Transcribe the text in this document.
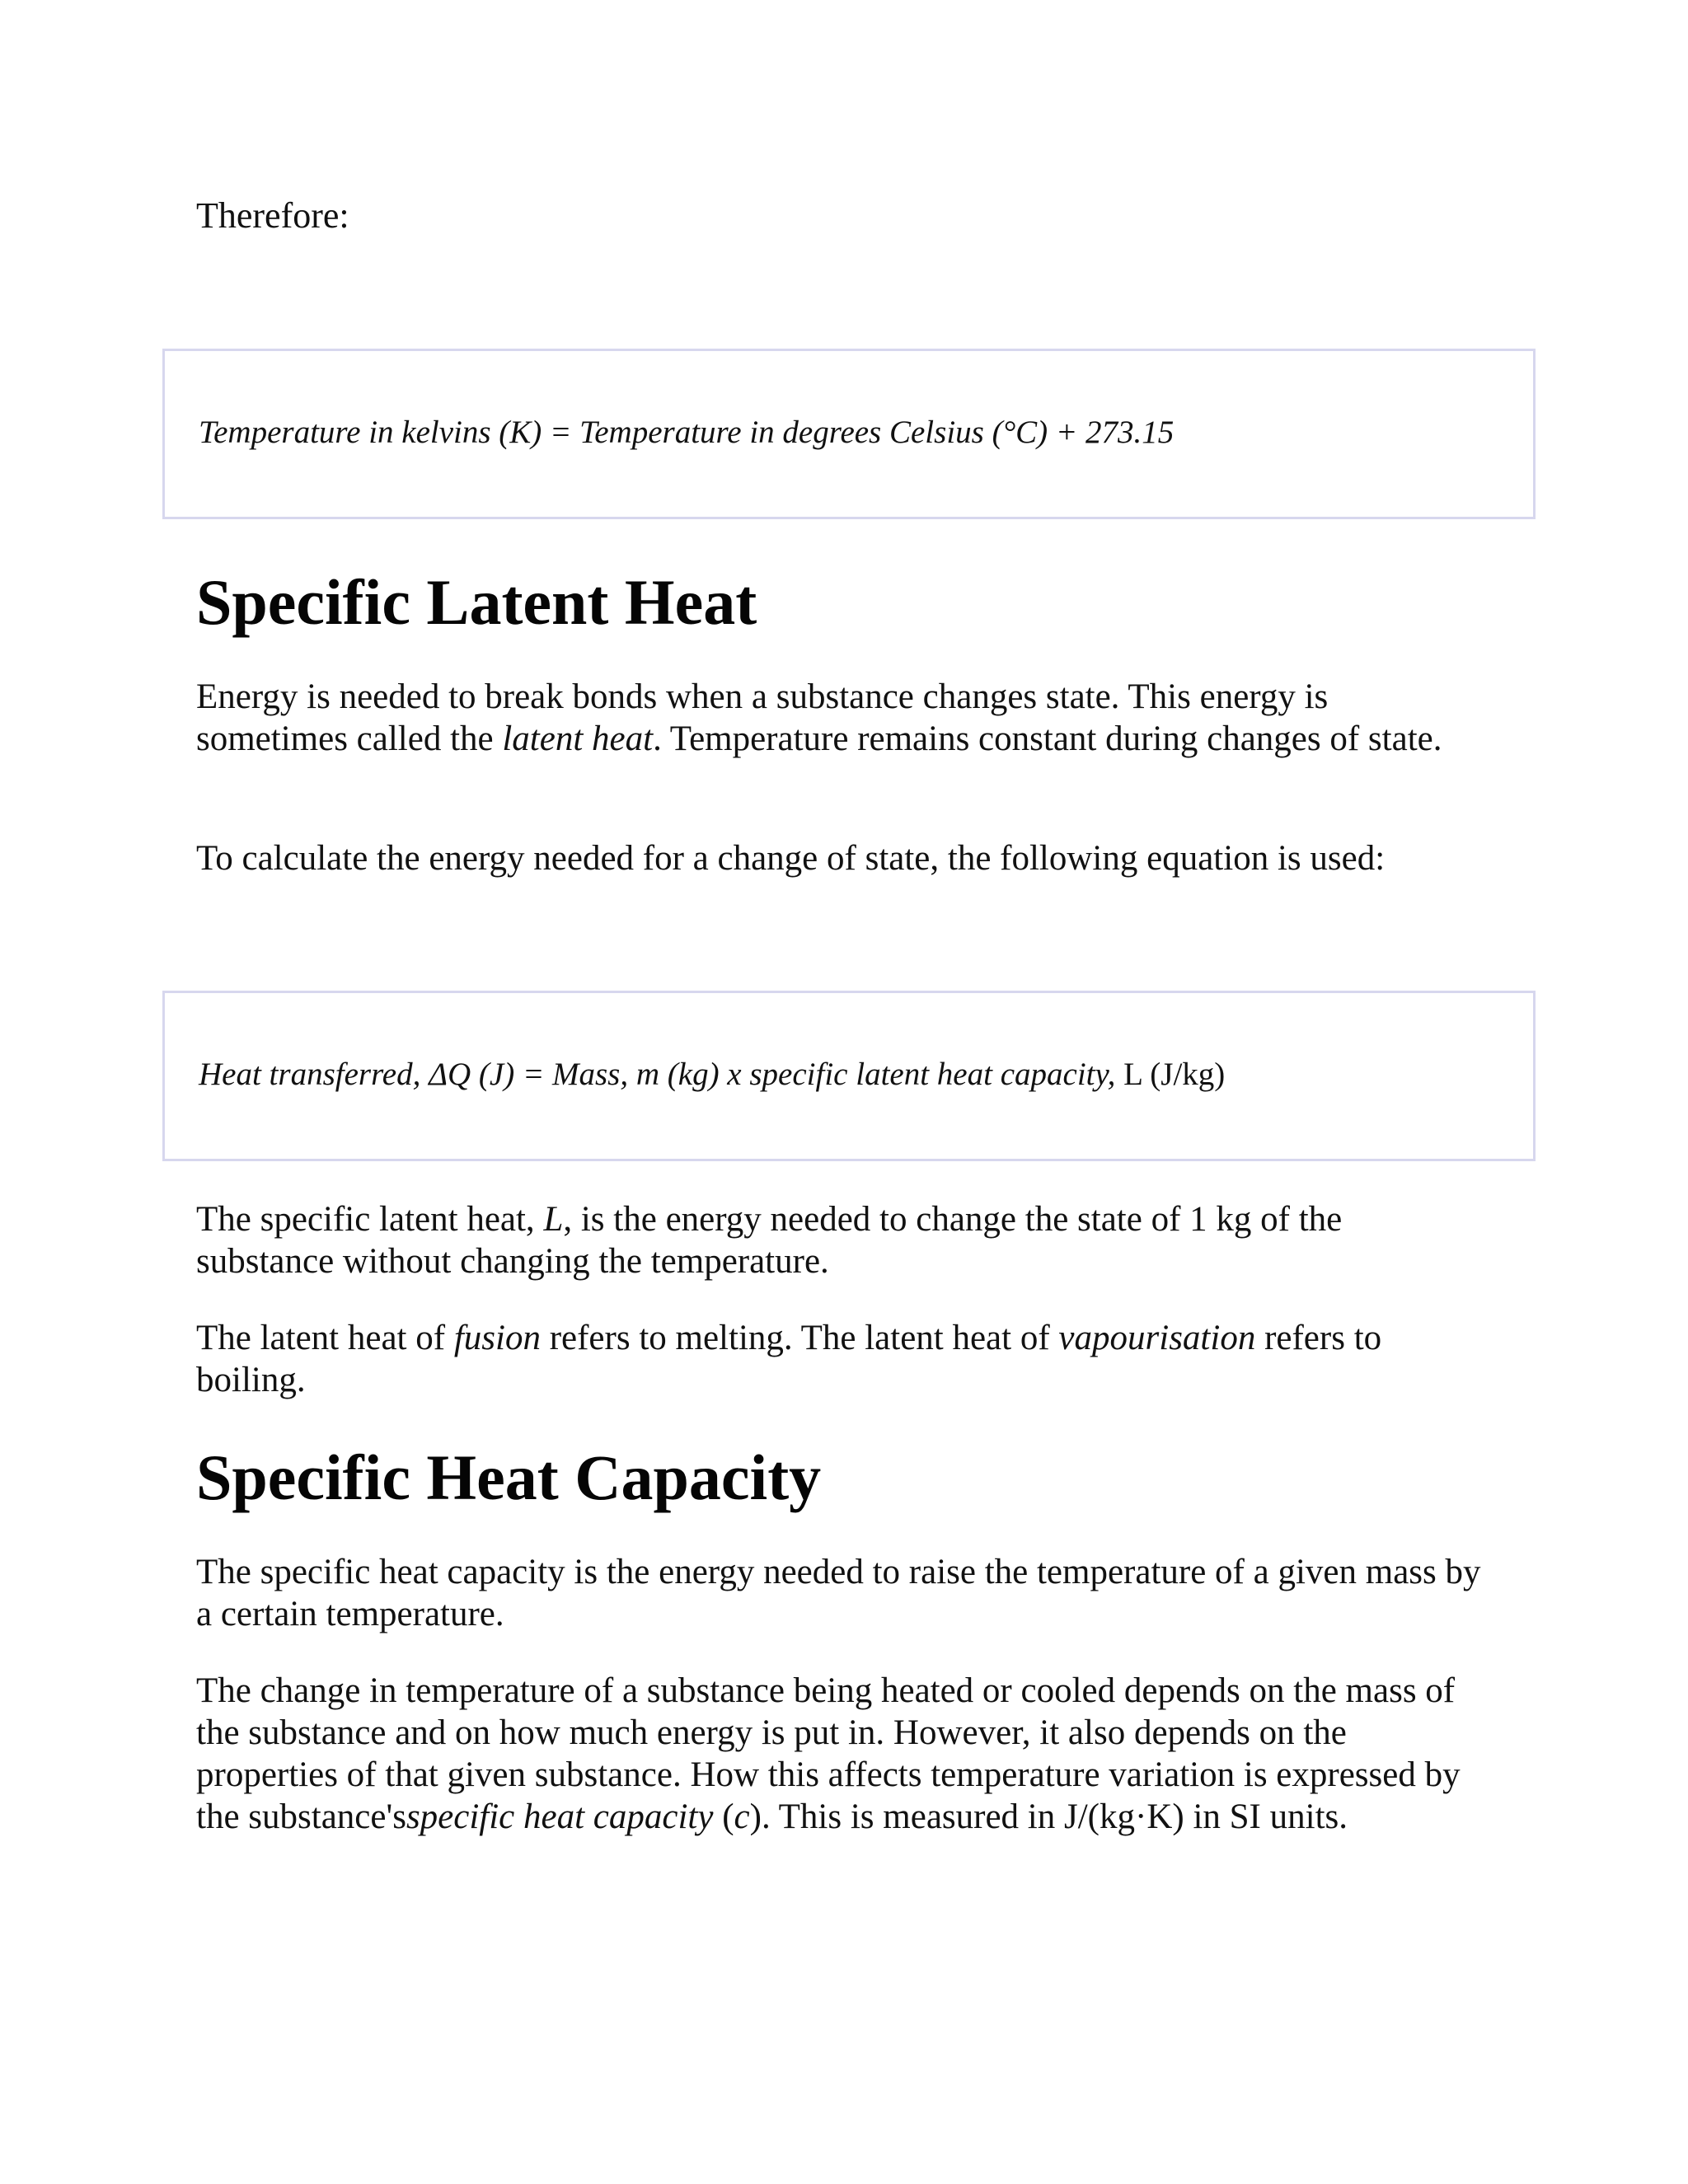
Therefore:

Temperature in kelvins (K) = Temperature in degrees Celsius (°C) + 273.15
Specific Latent Heat

Energy is needed to break bonds when a substance changes state. This energy is sometimes called the latent heat. Temperature remains constant during changes of state.

To calculate the energy needed for a change of state, the following equation is used:

Heat transferred, ΔQ (J) = Mass, m (kg) x specific latent heat capacity, L (J/kg)

The specific latent heat, L, is the energy needed to change the state of 1 kg of the substance without changing the temperature.

The latent heat of fusion refers to melting. The latent heat of vapourisation refers to boiling.

Specific Heat Capacity

The specific heat capacity is the energy needed to raise the temperature of a given mass by a certain temperature.

The change in temperature of a substance being heated or cooled depends on the mass of the substance and on how much energy is put in. However, it also depends on the properties of that given substance. How this affects temperature variation is expressed by the substance'sspecific heat capacity (c). This is measured in J/(kg·K) in SI units.
